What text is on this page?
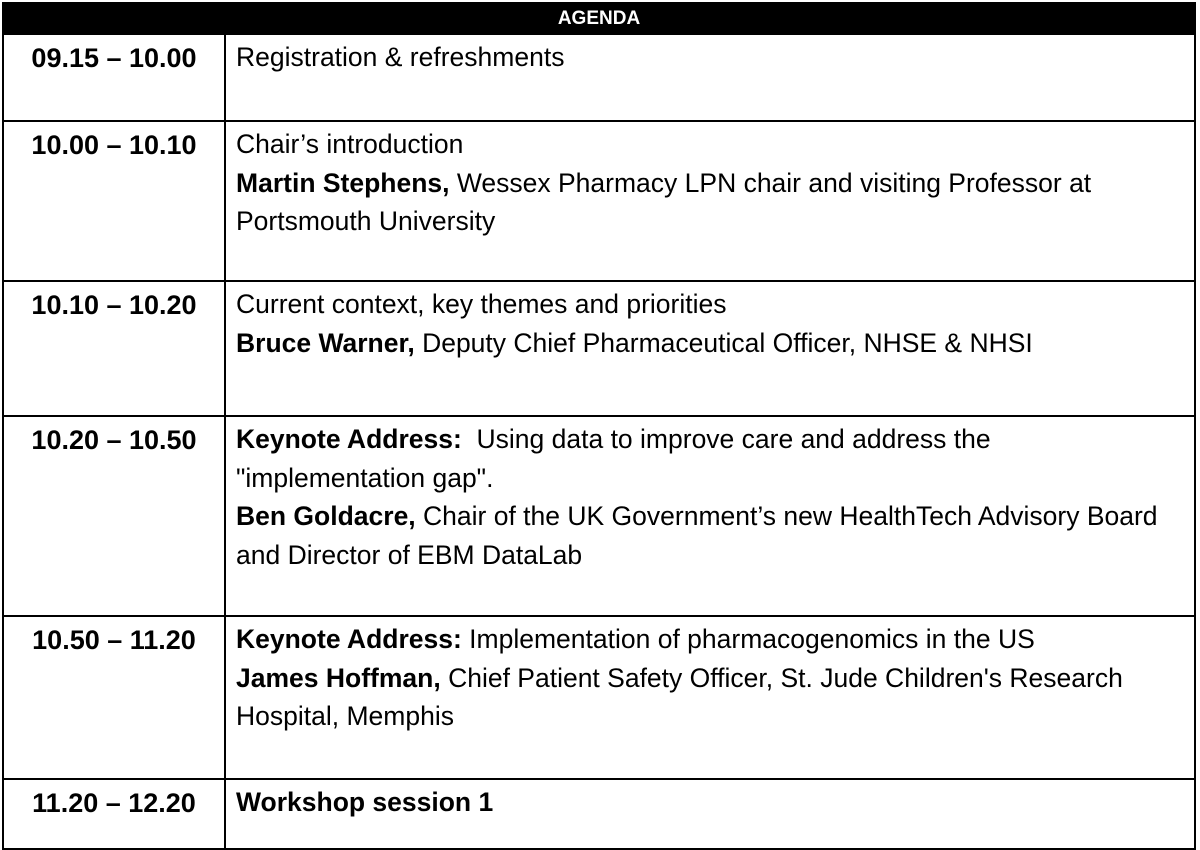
AGENDA	
09.15 – 10.00	Registration & refreshments

10.00 – 10.10	Chair’s introduction
Martin Stephens, Wessex Pharmacy LPN chair and visiting Professor at Portsmouth University

10.10 – 10.20	Current context, key themes and priorities
Bruce Warner, Deputy Chief Pharmaceutical Officer, NHSE & NHSI

10.20 – 10.50	Keynote Address:  Using data to improve care and address the "implementation gap".
Ben Goldacre, Chair of the UK Government’s new HealthTech Advisory Board and Director of EBM DataLab

10.50 – 11.20	Keynote Address: Implementation of pharmacogenomics in the US
James Hoffman, Chief Patient Safety Officer, St. Jude Children's Research Hospital, Memphis

11.20 – 12.20	Workshop session 1
